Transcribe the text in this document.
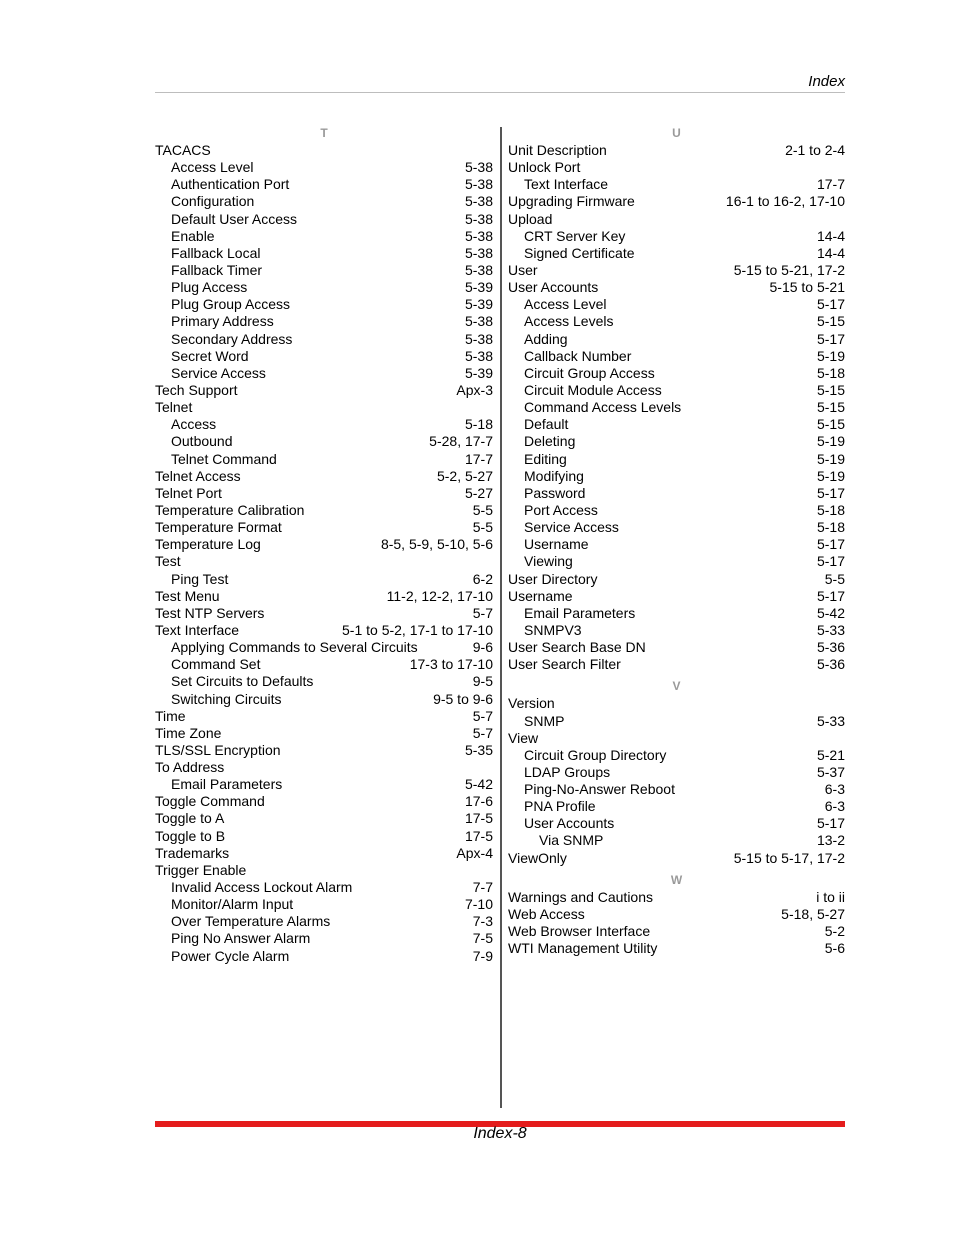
Index
T
TACACS
Access Level	5-38
Authentication Port	5-38
Configuration	5-38
Default User Access	5-38
Enable	5-38
Fallback Local	5-38
Fallback Timer	5-38
Plug Access	5-39
Plug Group Access	5-39
Primary Address	5-38
Secondary Address	5-38
Secret Word	5-38
Service Access	5-39
Tech Support	Apx-3
Telnet
Access	5-18
Outbound	5-28, 17-7
Telnet Command	17-7
Telnet Access	5-2, 5-27
Telnet Port	5-27
Temperature Calibration	5-5
Temperature Format	5-5
Temperature Log	8-5, 5-9, 5-10, 5-6
Test
Ping Test	6-2
Test Menu	11-2, 12-2, 17-10
Test NTP Servers	5-7
Text Interface	5-1 to 5-2, 17-1 to 17-10
Applying Commands to Several Circuits	9-6
Command Set	17-3 to 17-10
Set Circuits to Defaults	9-5
Switching Circuits	9-5 to 9-6
Time	5-7
Time Zone	5-7
TLS/SSL Encryption	5-35
To Address
Email Parameters	5-42
Toggle Command	17-6
Toggle to A	17-5
Toggle to B	17-5
Trademarks	Apx-4
Trigger Enable
Invalid Access Lockout Alarm	7-7
Monitor/Alarm Input	7-10
Over Temperature Alarms	7-3
Ping No Answer Alarm	7-5
Power Cycle Alarm	7-9
U
Unit Description	2-1 to 2-4
Unlock Port
Text Interface	17-7
Upgrading Firmware	16-1 to 16-2, 17-10
Upload
CRT Server Key	14-4
Signed Certificate	14-4
User	5-15 to 5-21, 17-2
User Accounts	5-15 to 5-21
Access Level	5-17
Access Levels	5-15
Adding	5-17
Callback Number	5-19
Circuit Group Access	5-18
Circuit Module Access	5-15
Command Access Levels	5-15
Default	5-15
Deleting	5-19
Editing	5-19
Modifying	5-19
Password	5-17
Port Access	5-18
Service Access	5-18
Username	5-17
Viewing	5-17
User Directory	5-5
Username	5-17
Email Parameters	5-42
SNMPV3	5-33
User Search Base DN	5-36
User Search Filter	5-36
V
Version
SNMP	5-33
View
Circuit Group Directory	5-21
LDAP Groups	5-37
Ping-No-Answer Reboot	6-3
PNA Profile	6-3
User Accounts	5-17
Via SNMP	13-2
ViewOnly	5-15 to 5-17, 17-2
W
Warnings and Cautions	i to ii
Web Access	5-18, 5-27
Web Browser Interface	5-2
WTI Management Utility	5-6
Index-8
